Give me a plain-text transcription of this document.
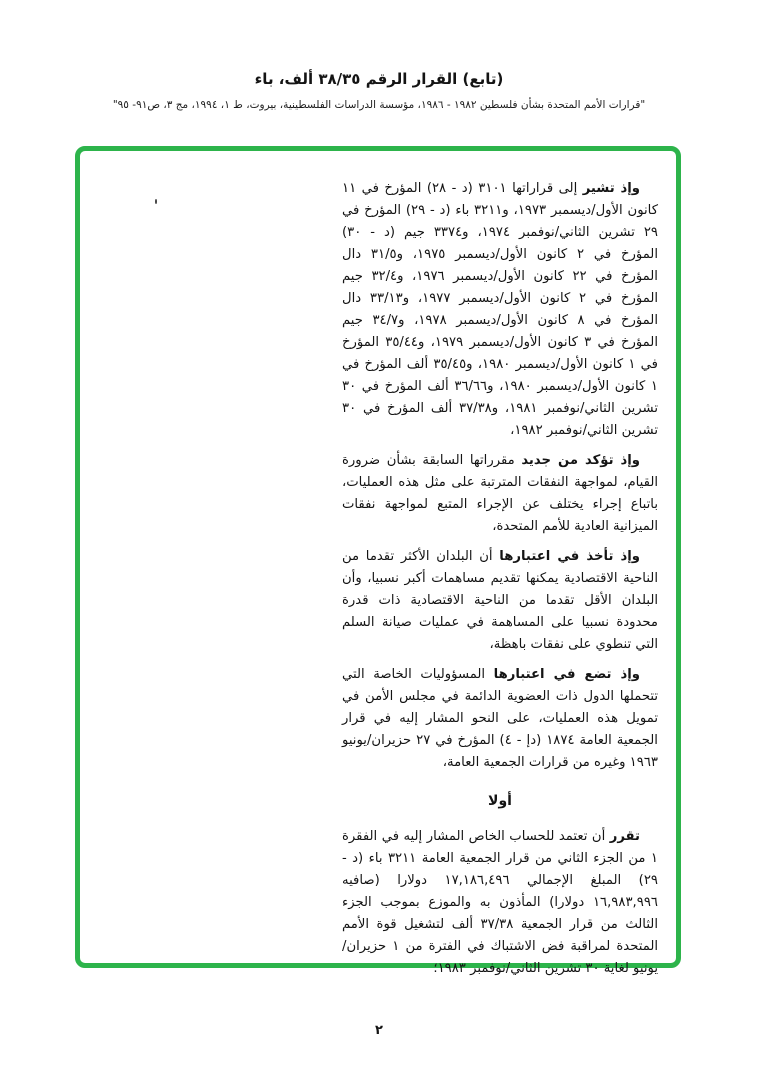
(تابع) القرار الرقم ٣٨/٣٥ ألف، باء
"قرارات الأمم المتحدة بشأن فلسطين ١٩٨٢ - ١٩٨٦، مؤسسة الدراسات الفلسطينية، بيروت، ط ١، ١٩٩٤، مج ٣، ص٩١- ٩٥"

وإذ تشير إلى قراراتها ٣١٠١ (د - ٢٨) المؤرخ في ١١ كانون الأول/ديسمبر ١٩٧٣، و٣٢١١ باء (د - ٢٩) المؤرخ في ٢٩ تشرين الثاني/نوفمبر ١٩٧٤، و٣٣٧٤ جيم (د - ٣٠) المؤرخ في ٢ كانون الأول/ديسمبر ١٩٧٥، و٣١/٥ دال المؤرخ في ٢٢ كانون الأول/ديسمبر ١٩٧٦، و٣٢/٤ جيم المؤرخ في ٢ كانون الأول/ديسمبر ١٩٧٧، و٣٣/١٣ دال المؤرخ في ٨ كانون الأول/ديسمبر ١٩٧٨، و٣٤/٧ جيم المؤرخ في ٣ كانون الأول/ديسمبر ١٩٧٩، و٣٥/٤٤ المؤرخ في ١ كانون الأول/ديسمبر ١٩٨٠، و٣٥/٤٥ ألف المؤرخ في ١ كانون الأول/ديسمبر ١٩٨٠، و٣٦/٦٦ ألف المؤرخ في ٣٠ تشرين الثاني/نوفمبر ١٩٨١، و٣٧/٣٨ ألف المؤرخ في ٣٠ تشرين الثاني/نوفمبر ١٩٨٢،

وإذ تؤكد من جديد مقرراتها السابقة بشأن ضرورة القيام، لمواجهة النفقات المترتبة على مثل هذه العمليات، باتباع إجراء يختلف عن الإجراء المتبع لمواجهة نفقات الميزانية العادية للأمم المتحدة،

وإذ تأخذ في اعتبارها أن البلدان الأكثر تقدما من الناحية الاقتصادية يمكنها تقديم مساهمات أكبر نسبيا، وأن البلدان الأقل تقدما من الناحية الاقتصادية ذات قدرة محدودة نسبيا على المساهمة في عمليات صيانة السلم التي تنطوي على نفقات باهظة،

وإذ تضع في اعتبارها المسؤوليات الخاصة التي تتحملها الدول ذات العضوية الدائمة في مجلس الأمن في تمويل هذه العمليات، على النحو المشار إليه في قرار الجمعية العامة ١٨٧٤ (دإ - ٤) المؤرخ في ٢٧ حزيران/يونيو ١٩٦٣ وغيره من قرارات الجمعية العامة،

أولا

تقرر أن تعتمد للحساب الخاص المشار إليه في الفقرة ١ من الجزء الثاني من قرار الجمعية العامة ٣٢١١ باء (د - ٢٩) المبلغ الإجمالي ١٧,١٨٦,٤٩٦ دولارا (صافيه ١٦,٩٨٣,٩٩٦ دولارا) المأذون به والموزع بموجب الجزء الثالث من قرار الجمعية ٣٧/٣٨ ألف لتشغيل قوة الأمم المتحدة لمراقبة فض الاشتباك في الفترة من ١ حزيران/يونيو لغاية ٣٠ تشرين الثاني/نوفمبر ١٩٨٣؛

٢
